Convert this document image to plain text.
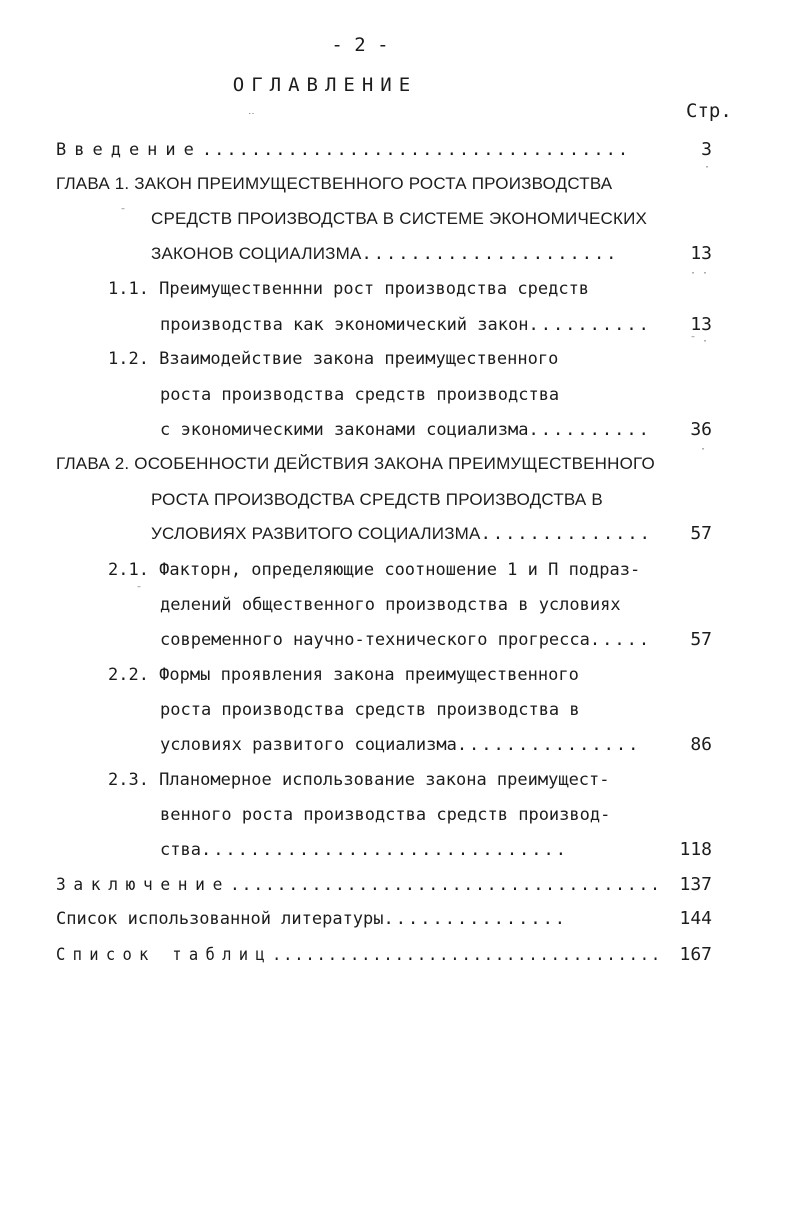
- 2 -
ОГЛАВЛЕНИЕ
Стр.
Введение...................................	3
ГЛАВА 1. ЗАКОН ПРЕИМУЩЕСТВЕННОГО РОСТА ПРОИЗВОДСТВА
СРЕДСТВ ПРОИЗВОДСТВА В СИСТЕМЕ ЭКОНОМИЧЕСКИХ
ЗАКОНОВ СОЦИАЛИЗМА.....................	13
1.1. Преимущественнни рост производства средств
производства как экономический закон..........	13
1.2. Взаимодействие закона преимущественного
роста производства средств производства
с экономическими законами социализма..........	36
ГЛАВА 2. ОСОБЕННОСТИ ДЕЙСТВИЯ ЗАКОНА ПРЕИМУЩЕСТВЕННОГО
РОСТА ПРОИЗВОДСТВА СРЕДСТВ ПРОИЗВОДСТВА В
УСЛОВИЯХ РАЗВИТОГО СОЦИАЛИЗМА..............	57
2.1. Факторн, определяющие соотношение 1 и П подраз-
делений общественного производства в условиях
современного научно-технического прогресса.....	57
2.2. Формы проявления закона преимущественного
роста производства средств производства в
условиях развитого социализма...............	86
2.3. Планомерное использование закона преимущест-
венного роста производства средств производ-
ства..............................	118
Заключение..................................... 137
Список использованной литературы...............	144
Список таблиц................................... 167
‥
ˉ
·
· ·
ˉ ·
·
ˉ
